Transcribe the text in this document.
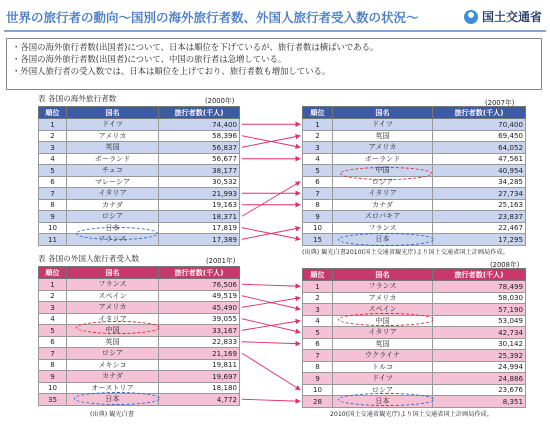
世界の旅行者の動向～国別の海外旅行者数、外国人旅行者受入数の状況～	国土交通省
・各国の海外旅行者数(出国者)について、日本は順位を下げているが、旅行者数は横ばいである。
・各国の海外旅行者数(出国者)について、中国の旅行者は急増している。
・外国人旅行者の受入数では、日本は順位を上げており、旅行者数も増加している。
表 各国の海外旅行者数	(2000年)	(2007年)
順位	国名	旅行者数(千人)
1	ドイツ	74,400
2	アメリカ	58,396
3	英国	56,837
4	ポーランド	56,677
5	チェコ	38,177
6	マレーシア	30,532
7	イタリア	21,993
8	カナダ	19,163
9	ロシア	18,371
10	日本	17,819
11	フランス	17,389
順位	国名	旅行者数(千人)
1	ドイツ	70,400
2	英国	69,450
3	アメリカ	64,052
4	ポーランド	47,561
5	中国	40,954
6	ロシア	34,285
7	イタリア	27,734
8	カナダ	25,163
9	スロバキア	23,837
10	フランス	22,467
15	日本	17,295
(出典) 観光白書2010(国土交通省観光庁)より国土交通省国土計画局作成。
表 各国の外国人旅行者受入数	(2001年)	(2008年)
順位	国名	旅行者数(千人)
1	フランス	76,506
2	スペイン	49,519
3	アメリカ	45,490
4	イタリア	39,055
5	中国	33,167
6	英国	22,833
7	ロシア	21,169
8	メキシコ	19,811
9	カナダ	19,697
10	オーストリア	18,180
35	日本	4,772
順位	国名	旅行者数(千人)
1	フランス	78,499
2	アメリカ	58,030
3	スペイン	57,190
4	中国	53,049
5	イタリア	42,734
6	英国	30,142
7	ウクライナ	25,392
8	トルコ	24,994
9	ドイツ	24,886
10	ロシア	23,676
28	日本	8,351
(出典) 観光白書	2010(国土交通省観光庁)より国土交通省国土計画局作成。
